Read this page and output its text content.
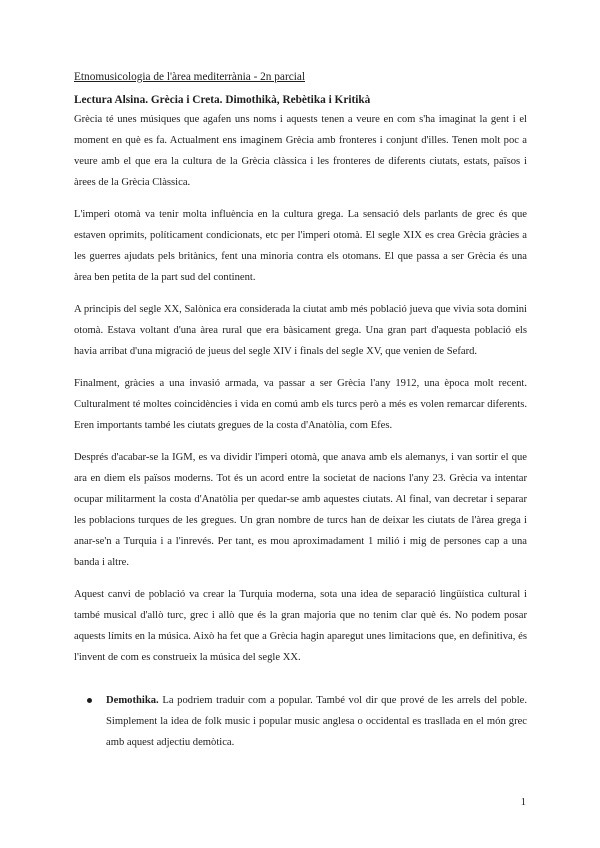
Etnomusicologia de l'àrea mediterrània - 2n parcial
Lectura Alsina. Grècia i Creta. Dimothikà, Rebètika i Kritikà

Grècia té unes músiques que agafen uns noms i aquests tenen a veure en com s'ha imaginat la gent i el moment en què es fa. Actualment ens imaginem Grècia amb fronteres i conjunt d'illes. Tenen molt poc a veure amb el que era la cultura de la Grècia clàssica i les fronteres de diferents ciutats, estats, països i àrees de la Grècia Clàssica.

L'imperi otomà va tenir molta influència en la cultura grega. La sensació dels parlants de grec és que estaven oprimits, políticament condicionats, etc per l'imperi otomà. El segle XIX es crea Grècia gràcies a les guerres ajudats pels britànics, fent una minoria contra els otomans. El que passa a ser Grècia és una àrea ben petita de la part sud del continent.

A principis del segle XX, Salònica era considerada la ciutat amb més població jueva que vivia sota domini otomà. Estava voltant d'una àrea rural que era bàsicament grega. Una gran part d'aquesta població els havia arribat d'una migració de jueus del segle XIV i finals del segle XV, que venien de Sefard.

Finalment, gràcies a una invasió armada, va passar a ser Grècia l'any 1912, una època molt recent. Culturalment té moltes coincidències i vida en comú amb els turcs però a més es volen remarcar diferents. Eren importants també les ciutats gregues de la costa d'Anatòlia, com Efes.

Després d'acabar-se la IGM, es va dividir l'imperi otomà, que anava amb els alemanys, i van sortir el que ara en diem els països moderns. Tot és un acord entre la societat de nacions l'any 23. Grècia va intentar ocupar militarment la costa d'Anatòlia per quedar-se amb aquestes ciutats. Al final, van decretar i separar les poblacions turques de les gregues. Un gran nombre de turcs han de deixar les ciutats de l'àrea grega i anar-se'n a Turquia i a l'inrevés. Per tant, es mou aproximadament 1 milió i mig de persones cap a una banda i altre.

Aquest canvi de població va crear la Turquia moderna, sota una idea de separació lingüística cultural i també musical d'allò turc, grec i allò que és la gran majoria que no tenim clar què és. No podem posar aquests límits en la música. Això ha fet que a Grècia hagin aparegut unes limitacions que, en definitiva, és l'invent de com es construeix la música del segle XX.

Demothika. La podriem traduir com a popular. També vol dir que prové de les arrels del poble. Simplement la idea de folk music i popular music anglesa o occidental es trasllada en el món grec amb aquest adjectiu demòtica.
1
